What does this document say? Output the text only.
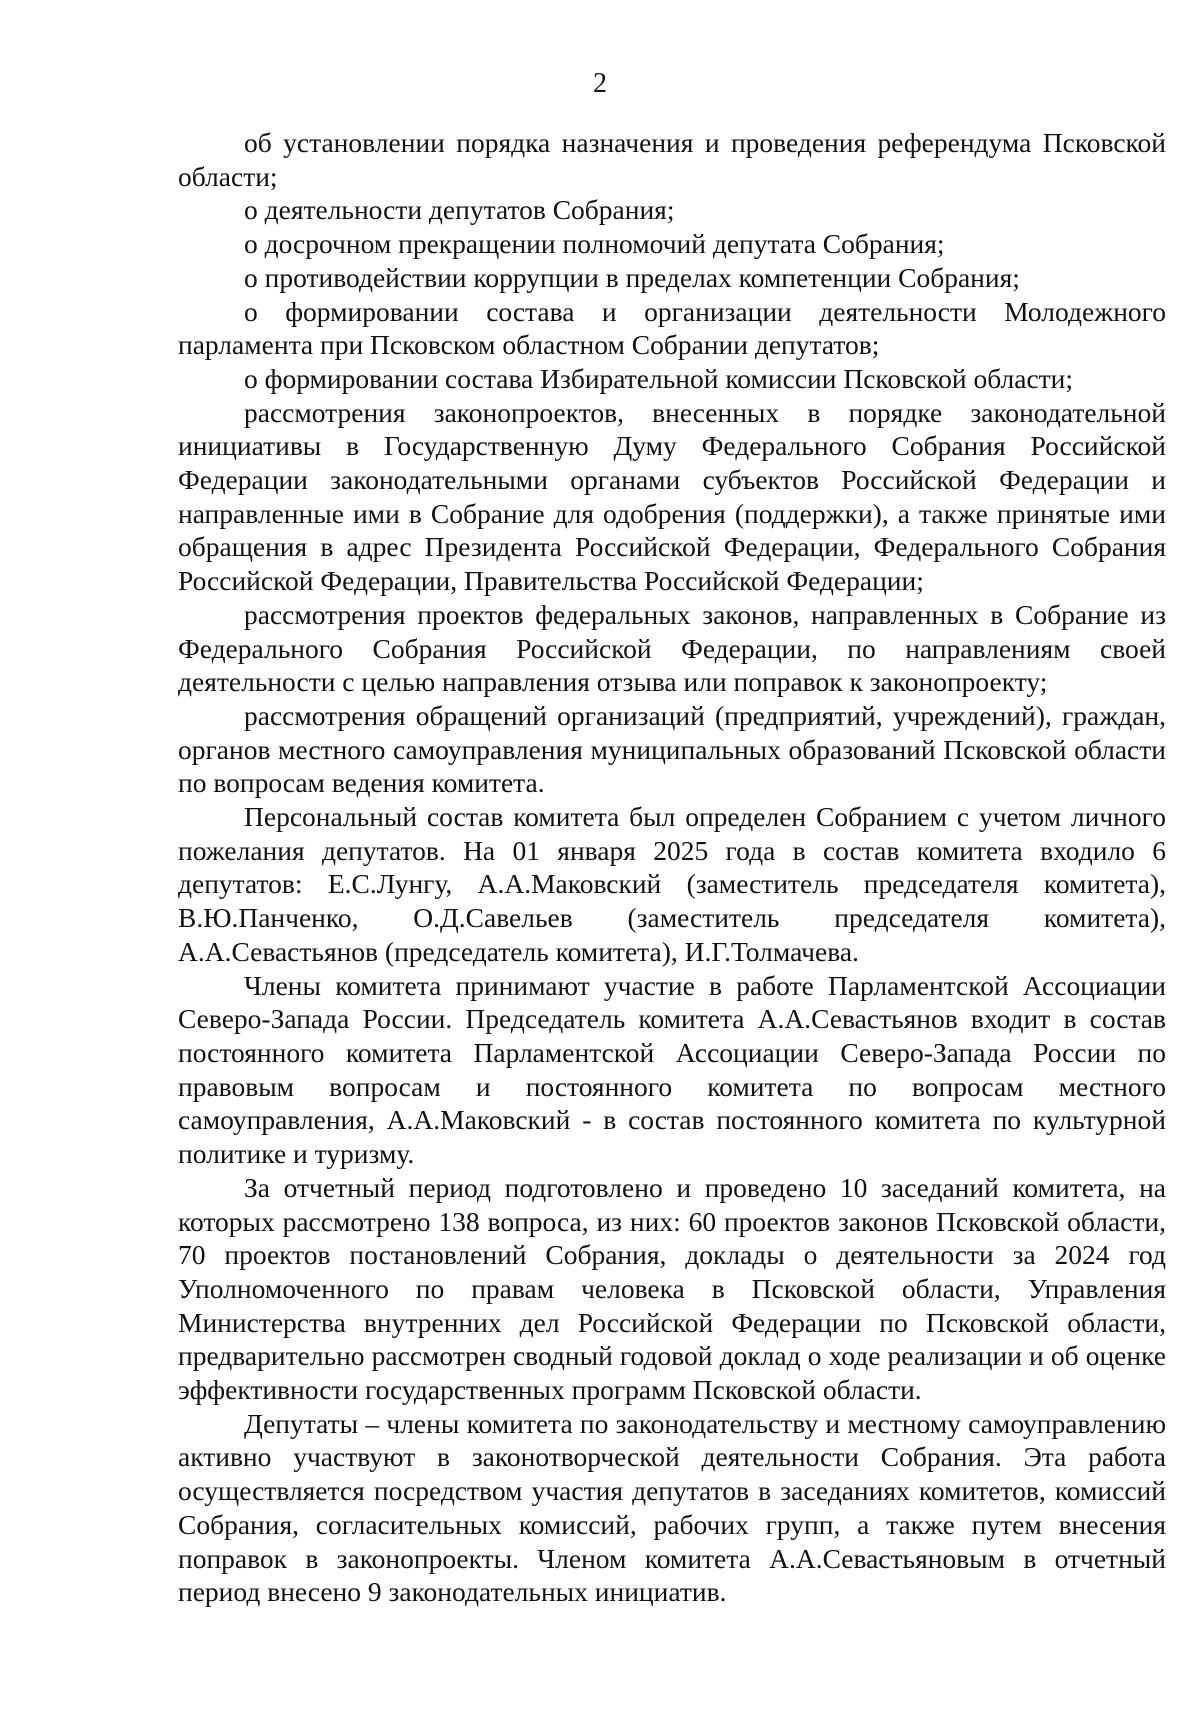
2

об установлении порядка назначения и проведения референдума Псковской области;

о деятельности депутатов Собрания;

о досрочном прекращении полномочий депутата Собрания;

о противодействии коррупции в пределах компетенции Собрания;

о формировании состава и организации деятельности Молодежного парламента при Псковском областном Собрании депутатов;

о формировании состава Избирательной комиссии Псковской области;

рассмотрения законопроектов, внесенных в порядке законодательной инициативы в Государственную Думу Федерального Собрания Российской Федерации законодательными органами субъектов Российской Федерации и направленные ими в Собрание для одобрения (поддержки), а также принятые ими обращения в адрес Президента Российской Федерации, Федерального Собрания Российской Федерации, Правительства Российской Федерации;

рассмотрения проектов федеральных законов, направленных в Собрание из Федерального Собрания Российской Федерации, по направлениям своей деятельности с целью направления отзыва или поправок к законопроекту;

рассмотрения обращений организаций (предприятий, учреждений), граждан, органов местного самоуправления муниципальных образований Псковской области по вопросам ведения комитета.

Персональный состав комитета был определен Собранием с учетом личного пожелания депутатов. На 01 января 2025 года в состав комитета входило 6 депутатов: Е.С.Лунгу, А.А.Маковский (заместитель председателя комитета), В.Ю.Панченко, О.Д.Савельев (заместитель председателя комитета), А.А.Севастьянов (председатель комитета), И.Г.Толмачева.

Члены комитета принимают участие в работе Парламентской Ассоциации Северо-Запада России. Председатель комитета А.А.Севастьянов входит в состав постоянного комитета Парламентской Ассоциации Северо-Запада России по правовым вопросам и постоянного комитета по вопросам местного самоуправления, А.А.Маковский - в состав постоянного комитета по культурной политике и туризму.

За отчетный период подготовлено и проведено 10 заседаний комитета, на которых рассмотрено 138 вопроса, из них: 60 проектов законов Псковской области, 70 проектов постановлений Собрания, доклады о деятельности за 2024 год Уполномоченного по правам человека в Псковской области, Управления Министерства внутренних дел Российской Федерации по Псковской области, предварительно рассмотрен сводный годовой доклад о ходе реализации и об оценке эффективности государственных программ Псковской области.

Депутаты – члены комитета по законодательству и местному самоуправлению активно участвуют в законотворческой деятельности Собрания. Эта работа осуществляется посредством участия депутатов в заседаниях комитетов, комиссий Собрания, согласительных комиссий, рабочих групп, а также путем внесения поправок в законопроекты. Членом комитета А.А.Севастьяновым в отчетный период внесено 9 законодательных инициатив.
